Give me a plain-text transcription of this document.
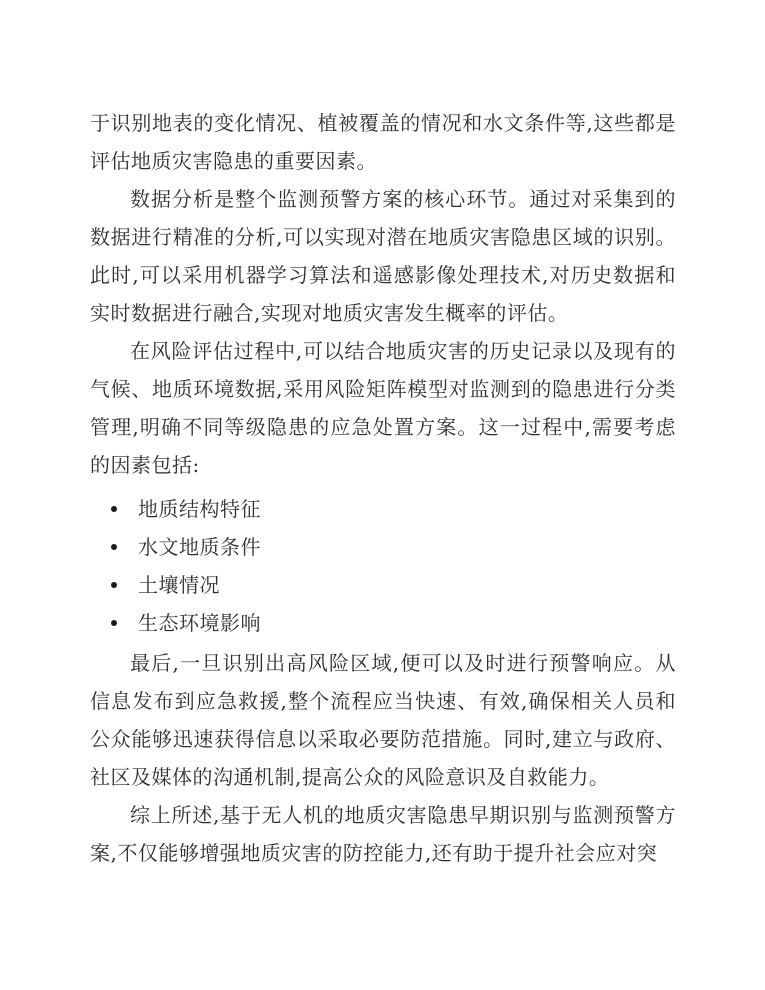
于识别地表的变化情况、植被覆盖的情况和水文条件等,这些都是评估地质灾害隐患的重要因素。

数据分析是整个监测预警方案的核心环节。通过对采集到的数据进行精准的分析,可以实现对潜在地质灾害隐患区域的识别。此时,可以采用机器学习算法和遥感影像处理技术,对历史数据和实时数据进行融合,实现对地质灾害发生概率的评估。

在风险评估过程中,可以结合地质灾害的历史记录以及现有的气候、地质环境数据,采用风险矩阵模型对监测到的隐患进行分类管理,明确不同等级隐患的应急处置方案。这一过程中,需要考虑的因素包括:

地质结构特征
水文地质条件
土壤情况
生态环境影响

最后,一旦识别出高风险区域,便可以及时进行预警响应。从信息发布到应急救援,整个流程应当快速、有效,确保相关人员和公众能够迅速获得信息以采取必要防范措施。同时,建立与政府、社区及媒体的沟通机制,提高公众的风险意识及自救能力。

综上所述,基于无人机的地质灾害隐患早期识别与监测预警方案,不仅能够增强地质灾害的防控能力,还有助于提升社会应对突
